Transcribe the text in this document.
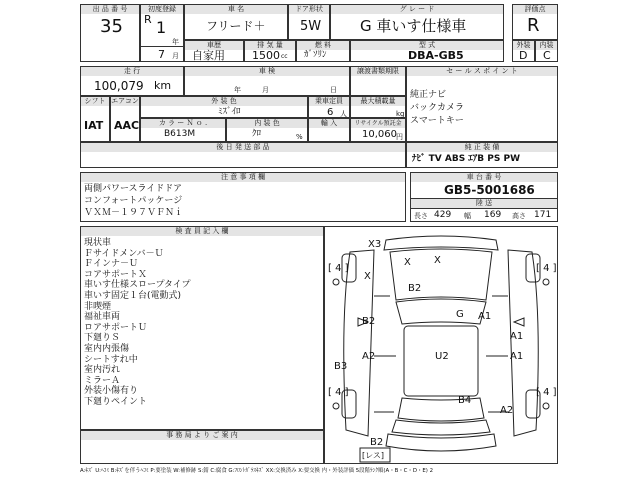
出 品 番 号
35
初度登録
R 1
年
7 月
車 名
フリード＋
ドア形状
5W
グ レ ー ド
G 車いす仕様車
評価点
R
車歴
自家用
排 気 量
1500 cc
燃 料
ｶﾞｿﾘﾝ
型 式
DBA-GB5
外装
D
内装
C
走 行
100,079 km
車 検
年	月	日
譲渡書類期限	セ ー ル ス ポ イ ン ト
純正ナビ
バックカメラ
スマートキー
シフト
IAT
エアコン
AAC
外 装 色
ﾐｽﾞｲﾛ
乗車定員
6 人
最大積載量
kg
カ ラ ー Ｎ ｏ .
B613M
内 装 色
ｸﾛ	%
輸 入	リサイクル預託金
10,060 円
純 正 装 備
ﾅﾋﾞ TV ABS ｴｱB PS PW
後 日 発 送 部 品
注 意 事 項 欄
両側パワースライドドア
コンフォートパッケージ
ＶＸＭ－１９７ＶＦＮｉ
車 台 番 号
GB5-5001686
陸 送
長さ 429 幅 169 高さ 171
検 査 員 記 入 欄
現状車
Ｆサイドメンバ－Ｕ
Ｆインナ－Ｕ
コアサポートＸ
車いす仕様スロープタイプ
車いす固定１台(電動式)
非喫煙
福祉車両
ロアサポートＵ
下廻りＳ
室内内張傷
シートすれ中
室内汚れ
ミラーＡ
外装小傷有り
下廻りペイント
事 務 局 よ り ご 案 内
X3
X X
X
B2
G
B2	A1
A1
A2	U2	A1
B3
B4
A2
B2
[ 4 ]	[ 4 ]
[ 4 ]	[ 4 ]
[レス]
A:ｷｽﾞ U:ﾍｺﾐ B:ｷｽﾞを伴うﾍｺﾐ P:要塗装 W:補修跡 S:錆 C:腐食 G:ﾌﾛﾝﾄｶﾞﾗｽｷｽﾞ XX:交換済み X:要交換 内・外装評価 5段階ﾗﾝｸ順(A・B・C・D・E) 2
